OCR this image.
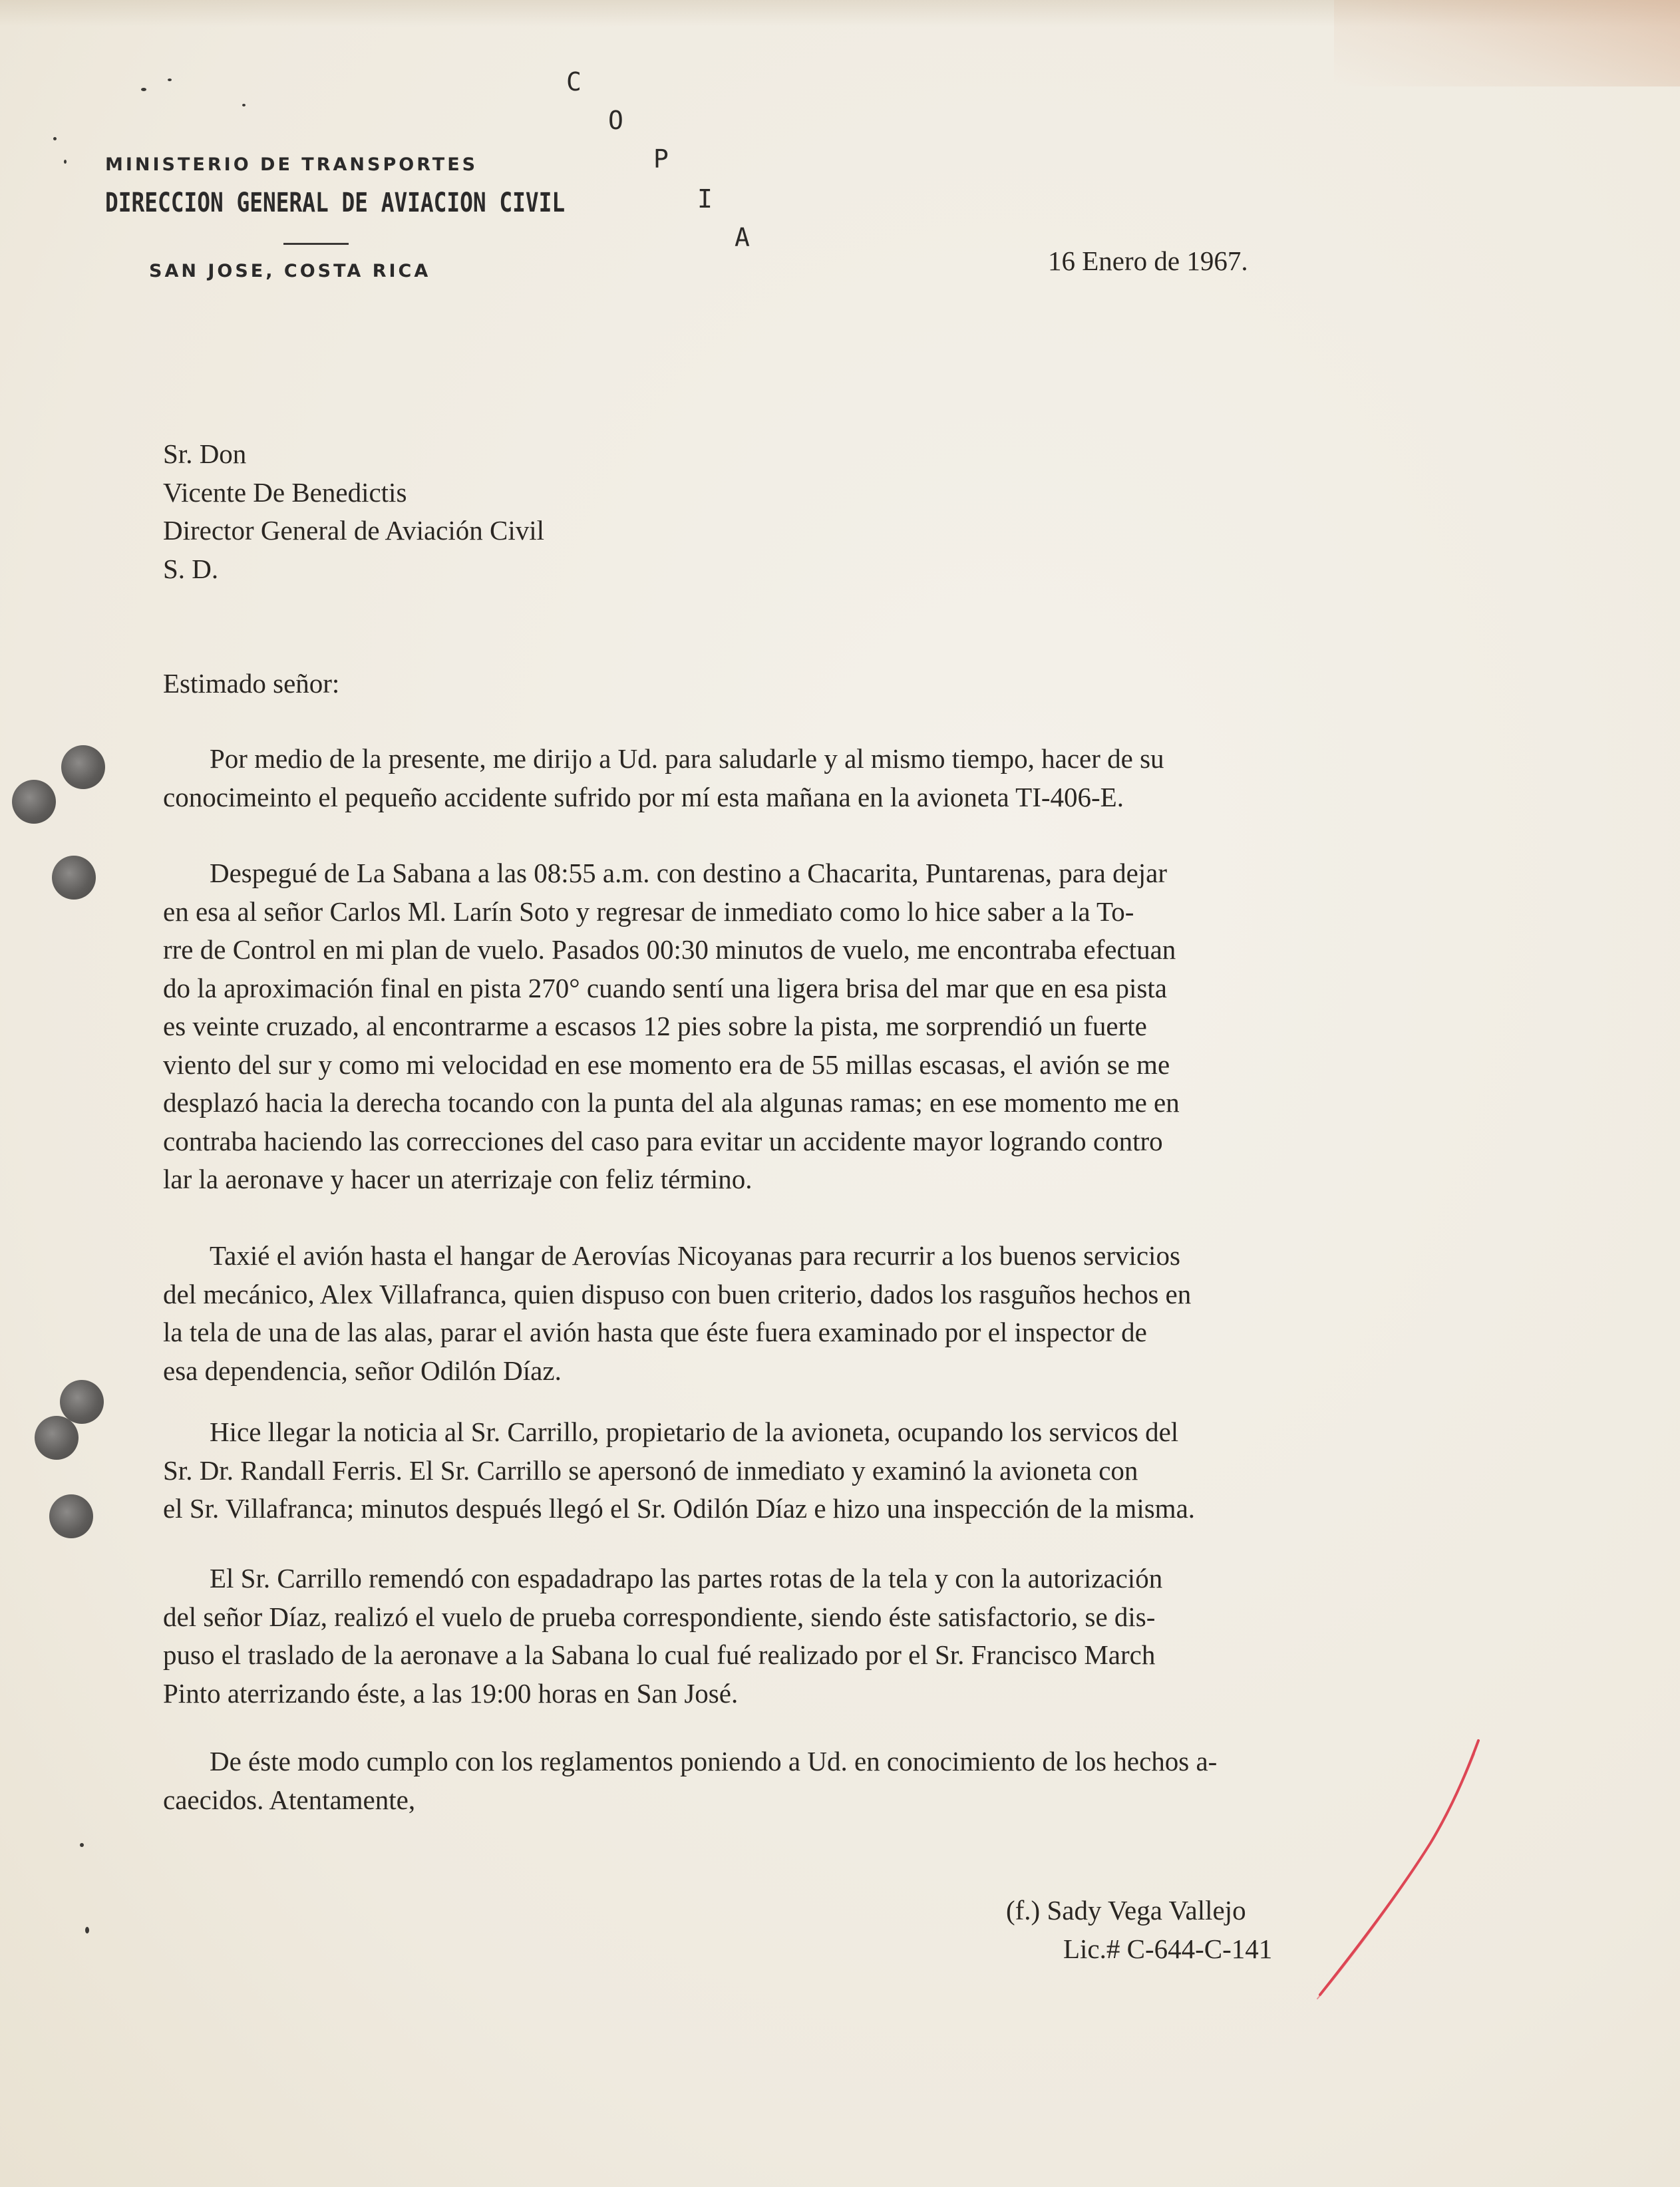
MINISTERIO DE TRANSPORTES
DIRECCION GENERAL DE AVIACION CIVIL
SAN JOSE, COSTA RICA
C
O
P
I
A
16 Enero de 1967.
Sr. Don
Vicente De Benedictis
Director General de Aviación Civil
S. D.
Estimado señor:
Por medio de la presente, me dirijo a Ud. para saludarle y al mismo tiempo, hacer de su
conocimeinto el pequeño accidente sufrido por mí esta mañana en la avioneta TI-406-E.
Despegué de La Sabana a las 08:55 a.m. con destino a Chacarita, Puntarenas, para dejar
en esa al señor Carlos Ml. Larín Soto y regresar de inmediato como lo hice saber a la To-
rre de Control en mi plan de vuelo. Pasados 00:30 minutos de vuelo, me encontraba efectuan
do la aproximación final en pista 270° cuando sentí una ligera brisa del mar que en esa pista
es veinte cruzado, al encontrarme a escasos 12 pies sobre la pista, me sorprendió un fuerte
viento del sur y como mi velocidad en ese momento era de 55 millas escasas, el avión se me
desplazó hacia la derecha tocando con la punta del ala algunas ramas; en ese momento me en
contraba haciendo las correcciones del caso para evitar un accidente mayor logrando contro
lar la aeronave y hacer un aterrizaje con feliz término.
Taxié el avión hasta el hangar de Aerovías Nicoyanas para recurrir a los buenos servicios
del mecánico, Alex Villafranca, quien dispuso con buen criterio, dados los rasguños hechos en
la tela de una de las alas, parar el avión hasta que éste fuera examinado por el inspector de
esa dependencia, señor Odilón Díaz.
Hice llegar la noticia al Sr. Carrillo, propietario de la avioneta, ocupando los servicos del
Sr. Dr. Randall Ferris. El Sr. Carrillo se apersonó de inmediato y examinó la avioneta con
el Sr. Villafranca; minutos después llegó el Sr. Odilón Díaz e hizo una inspección de la misma.
El Sr. Carrillo remendó con espadadrapo las partes rotas de la tela y con la autorización
del señor Díaz, realizó el vuelo de prueba correspondiente, siendo éste satisfactorio, se dis-
puso el traslado de la aeronave a la Sabana lo cual fué realizado por el Sr. Francisco March
Pinto aterrizando éste, a las 19:00 horas en San José.
De éste modo cumplo con los reglamentos poniendo a Ud. en conocimiento de los hechos a-
caecidos. Atentamente,
(f.) Sady Vega Vallejo
Lic.# C-644-C-141
